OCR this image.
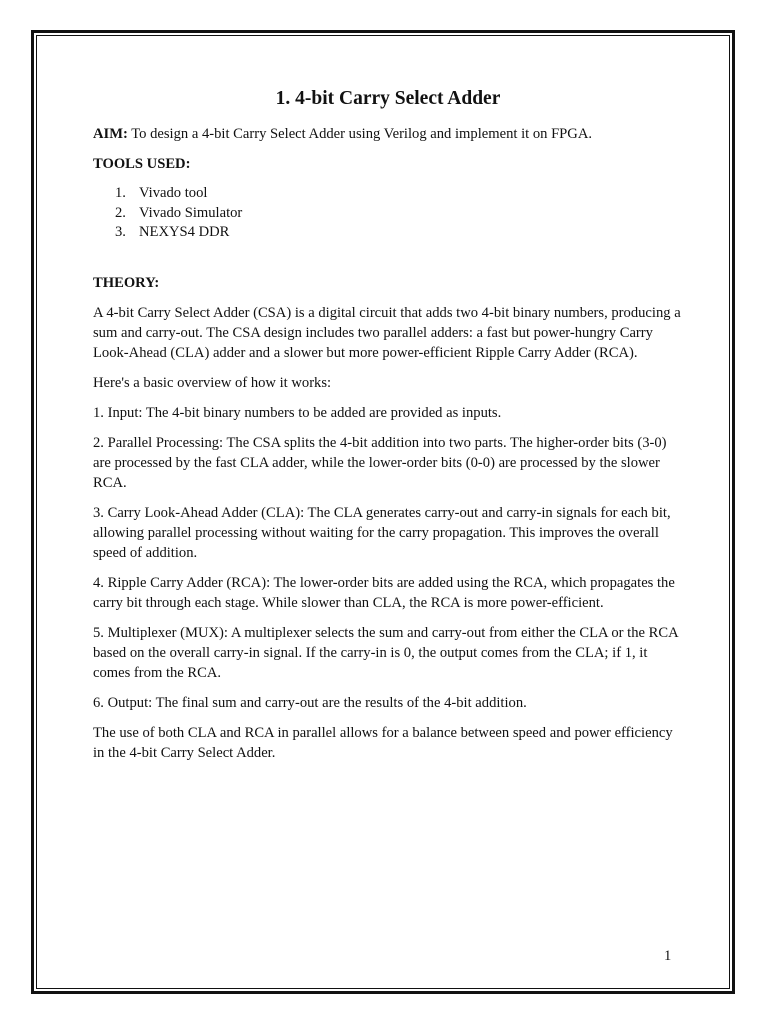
1. 4-bit Carry Select Adder

AIM: To design a 4-bit Carry Select Adder using Verilog and implement it on FPGA.

TOOLS USED:

1. Vivado tool
2. Vivado Simulator
3. NEXYS4 DDR

THEORY:

A 4-bit Carry Select Adder (CSA) is a digital circuit that adds two 4-bit binary numbers, producing a sum and carry-out. The CSA design includes two parallel adders: a fast but power-hungry Carry Look-Ahead (CLA) adder and a slower but more power-efficient Ripple Carry Adder (RCA).

Here's a basic overview of how it works:

1. Input: The 4-bit binary numbers to be added are provided as inputs.

2. Parallel Processing: The CSA splits the 4-bit addition into two parts. The higher-order bits (3-0) are processed by the fast CLA adder, while the lower-order bits (0-0) are processed by the slower RCA.

3. Carry Look-Ahead Adder (CLA): The CLA generates carry-out and carry-in signals for each bit, allowing parallel processing without waiting for the carry propagation. This improves the overall speed of addition.

4. Ripple Carry Adder (RCA): The lower-order bits are added using the RCA, which propagates the carry bit through each stage. While slower than CLA, the RCA is more power-efficient.

5. Multiplexer (MUX): A multiplexer selects the sum and carry-out from either the CLA or the RCA based on the overall carry-in signal. If the carry-in is 0, the output comes from the CLA; if 1, it comes from the RCA.

6. Output: The final sum and carry-out are the results of the 4-bit addition.

The use of both CLA and RCA in parallel allows for a balance between speed and power efficiency in the 4-bit Carry Select Adder.

1
